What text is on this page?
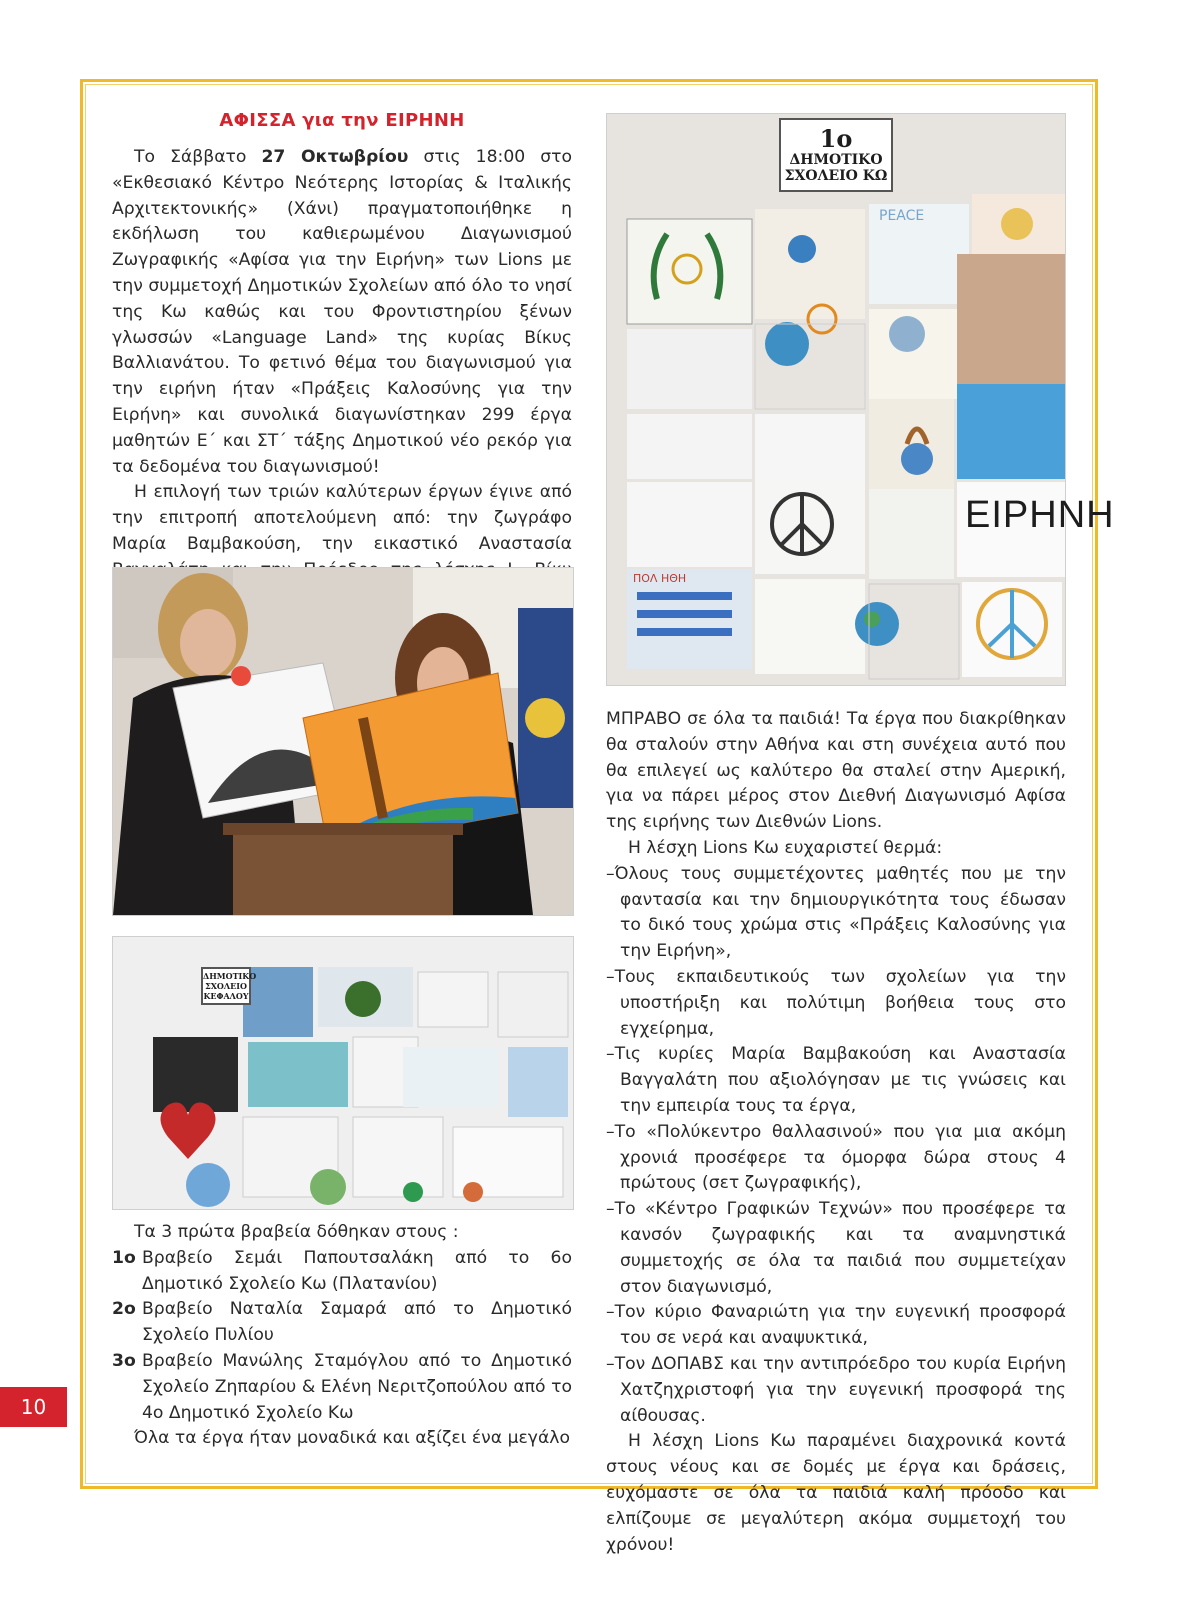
ΑΦΙΣΣΑ για την ΕΙΡΗΝΗ

Το Σάββατο 27 Οκτωβρίου στις 18:00 στο «Εκθεσιακό Κέντρο Νεότερης Ιστορίας & Ιταλικής Αρχιτεκτονικής» (Χάνι) πραγματοποιήθηκε η εκδήλωση του καθιερωμένου Διαγωνισμού Ζωγραφικής «Αφίσα για την Ειρήνη» των Lions με την συμμετοχή Δημοτικών Σχολείων από όλο το νησί της Κω καθώς και του Φροντιστηρίου ξένων γλωσσών «Language Land» της κυρίας Βίκυς Βαλλιανάτου. Το φετινό θέμα του διαγωνισμού για την ειρήνη ήταν «Πράξεις Καλοσύνης για την Ειρήνη» και συνολικά διαγωνίστηκαν 299 έργα μαθητών Ε΄ και ΣΤ΄ τάξης Δημοτικού νέο ρεκόρ για τα δεδομένα του διαγωνισμού!

Η επιλογή των τριών καλύτερων έργων έγινε από την επιτροπή αποτελούμενη από: την ζωγράφο Μαρία Βαμβακούση, την εικαστικό Αναστασία

ΔΗΜΟΤΙΚΟ
ΣΧΟΛΕΙΟ
ΚΕΦΑΛΟΥ

Τα 3 πρώτα βραβεία δόθηκαν στους :

1ο Βραβείο Σεμάι Παπουτσαλάκη από το 6ο Δημοτικό Σχολείο Κω (Πλατανίου)
2ο Βραβείο Ναταλία Σαμαρά από το Δημοτικό Σχολείο Πυλίου
3ο Βραβείο Μανώλης Σταμόγλου από το Δημοτικό Σχολείο Ζηπαρίου & Ελένη Νεριτζοπούλου από το 4ο Δημοτικό Σχολείο Κω

Όλα τα έργα ήταν μοναδικά και αξίζει ένα μεγάλο

1ο
ΔΗΜΟΤΙΚΟ
ΣΧΟΛΕΙΟ ΚΩ
PEACE
ΕΙΡΗΝΗ
ΠΟΛ ΗΘΗ

ΜΠΡΑΒΟ σε όλα τα παιδιά! Τα έργα που διακρίθηκαν θα σταλούν στην Αθήνα και στη συνέχεια αυτό που θα επιλεγεί ως καλύτερο θα σταλεί στην Αμερική, για να πάρει μέρος στον Διεθνή Διαγωνισμό Αφίσα της ειρήνης των Διεθνών Lions.

Η λέσχη Lions Κω ευχαριστεί θερμά:

–Όλους τους συμμετέχοντες μαθητές που με την φαντασία και την δημιουργικότητα τους έδωσαν το δικό τους χρώμα στις «Πράξεις Καλοσύνης για την Ειρήνη»,
–Τους εκπαιδευτικούς των σχολείων για την υποστήριξη και πολύτιμη βοήθεια τους στο εγχείρημα,
–Τις κυρίες Μαρία Βαμβακούση και Αναστασία Βαγγαλάτη που αξιολόγησαν με τις γνώσεις και την εμπειρία τους τα έργα,
–Το «Πολύκεντρο θαλλασινού» που για μια ακόμη χρονιά προσέφερε τα όμορφα δώρα στους 4 πρώτους (σετ ζωγραφικής),
–Το «Κέντρο Γραφικών Τεχνών» που προσέφερε τα κανσόν ζωγραφικής και τα αναμνηστικά συμμετοχής σε όλα τα παιδιά που συμμετείχαν στον διαγωνισμό,
–Τον κύριο Φαναριώτη για την ευγενική προσφορά του σε νερά και αναψυκτικά,
–Τον ΔΟΠΑΒΣ και την αντιπρόεδρο του κυρία Ειρήνη Χατζηχριστοφή για την ευγενική προσφορά της αίθουσας.

Η λέσχη Lions Κω παραμένει διαχρονικά κοντά στους νέους και σε δομές με έργα και δράσεις, ευχόμαστε σε όλα τα παιδιά καλή πρόοδο και ελπίζουμε σε μεγαλύτερη ακόμα συμμετοχή του χρόνου!

10
